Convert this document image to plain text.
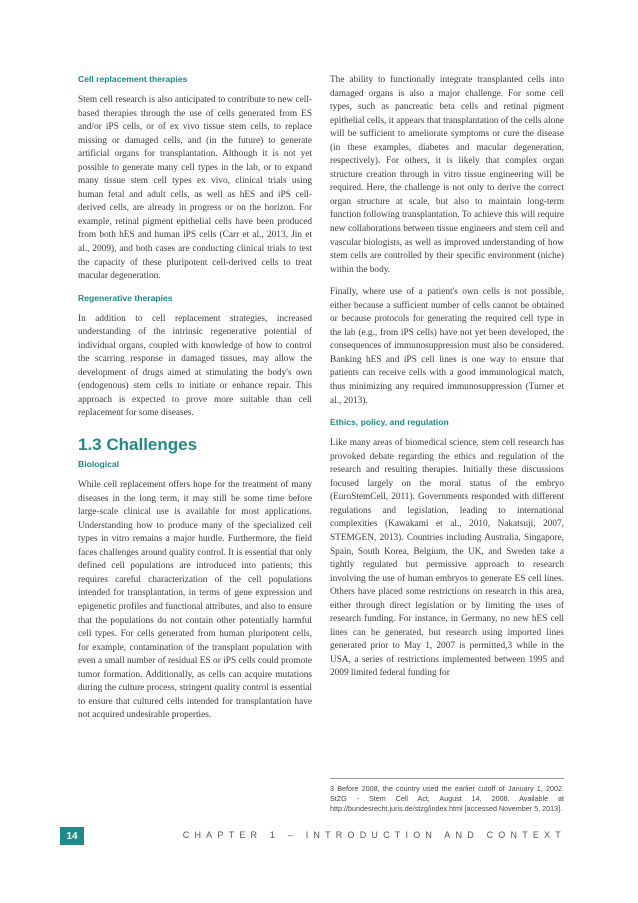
Cell replacement therapies

Stem cell research is also anticipated to contribute to new cell-based therapies through the use of cells generated from ES and/or iPS cells, or of ex vivo tissue stem cells, to replace missing or damaged cells, and (in the future) to generate artificial organs for transplantation. Although it is not yet possible to generate many cell types in the lab, or to expand many tissue stem cell types ex vivo, clinical trials using human fetal and adult cells, as well as hES and iPS cell-derived cells, are already in progress or on the horizon. For example, retinal pigment epithelial cells have been produced from both hES and human iPS cells (Carr et al., 2013, Jin et al., 2009), and both cases are conducting clinical trials to test the capacity of these pluripotent cell-derived cells to treat macular degeneration.

Regenerative therapies

In addition to cell replacement strategies, increased understanding of the intrinsic regenerative potential of individual organs, coupled with knowledge of how to control the scarring response in damaged tissues, may allow the development of drugs aimed at stimulating the body's own (endogenous) stem cells to initiate or enhance repair. This approach is expected to prove more suitable than cell replacement for some diseases.

1.3 Challenges
Biological

While cell replacement offers hope for the treatment of many diseases in the long term, it may still be some time before large-scale clinical use is available for most applications. Understanding how to produce many of the specialized cell types in vitro remains a major hurdle. Furthermore, the field faces challenges around quality control. It is essential that only defined cell populations are introduced into patients; this requires careful characterization of the cell populations intended for transplantation, in terms of gene expression and epigenetic profiles and functional attributes, and also to ensure that the populations do not contain other potentially harmful cell types. For cells generated from human pluripotent cells, for example, contamination of the transplant population with even a small number of residual ES or iPS cells could promote tumor formation. Additionally, as cells can acquire mutations during the culture process, stringent quality control is essential to ensure that cultured cells intended for transplantation have not acquired undesirable properties.

The ability to functionally integrate transplanted cells into damaged organs is also a major challenge. For some cell types, such as pancreatic beta cells and retinal pigment epithelial cells, it appears that transplantation of the cells alone will be sufficient to ameliorate symptoms or cure the disease (in these examples, diabetes and macular degeneration, respectively). For others, it is likely that complex organ structure creation through in vitro tissue engineering will be required. Here, the challenge is not only to derive the correct organ structure at scale, but also to maintain long-term function following transplantation. To achieve this will require new collaborations between tissue engineers and stem cell and vascular biologists, as well as improved understanding of how stem cells are controlled by their specific environment (niche) within the body.

Finally, where use of a patient's own cells is not possible, either because a sufficient number of cells cannot be obtained or because protocols for generating the required cell type in the lab (e.g., from iPS cells) have not yet been developed, the consequences of immunosuppression must also be considered. Banking hES and iPS cell lines is one way to ensure that patients can receive cells with a good immunological match, thus minimizing any required immunosuppression (Turner et al., 2013).

Ethics, policy, and regulation

Like many areas of biomedical science, stem cell research has provoked debate regarding the ethics and regulation of the research and resulting therapies. Initially these discussions focused largely on the moral status of the embryo (EuroStemCell, 2011). Governments responded with different regulations and legislation, leading to international complexities (Kawakami et al., 2010, Nakatsuji, 2007, STEMGEN, 2013). Countries including Australia, Singapore, Spain, South Korea, Belgium, the UK, and Sweden take a tightly regulated but permissive approach to research involving the use of human embryos to generate ES cell lines. Others have placed some restrictions on research in this area, either through direct legislation or by limiting the uses of research funding. For instance, in Germany, no new hES cell lines can be generated, but research using imported lines generated prior to May 1, 2007 is permitted,3 while in the USA, a series of restrictions implemented between 1995 and 2009 limited federal funding for

3 Before 2008, the country used the earlier cutoff of January 1, 2002. StZG - Stem Cell Act, August 14, 2008. Available at http://bundesrecht.juris.de/stzg/index.html [accessed November 5, 2013].
14	CHAPTER 1 – INTRODUCTION AND CONTEXT
